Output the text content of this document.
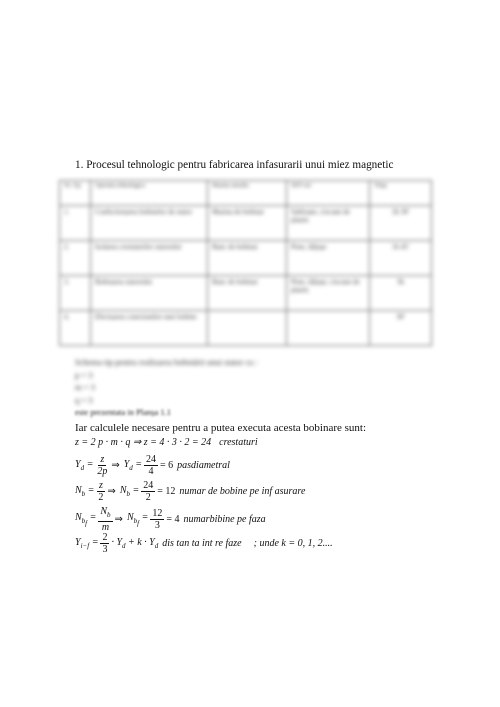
1. Procesul tehnologic pentru fabricarea infasurarii unui miez magnetic
Nr. Op.	Operatia tehnologica	Masina unealta	SDV-uri	Timp
1.	Confectionarea bobinelor de stator	Masina de bobinat	Sabloane, ciocane de plastic	2h 30'
2.	Izolarea crestaturilor statorului	Banc de bobinat	Pene, tăljuşe	1h 45'
3.	Bobinarea statorului	Banc de bobinat	Pene, tăljuşe, ciocane de plastic	3h
4.	Efectuarea conexiunilor unei bobine			30'
Schema tip pentru realizarea bobinării unui stator cu :
p = 3
m = 3
q = 3
este prezentata in Planșa 1.1
Iar calculele necesare pentru a putea executa acesta bobinare sunt:
z = 2 p · m · q ⇒ z = 4 · 3 · 2 = 24 crestaturi
$Y_d = \frac{z}{2p}$ ⇒ $Y_d = \frac{24}{4} = 6$ pasdiametral
$N_b = \frac{z}{2}$ ⇒ $N_b = \frac{24}{2} = 12$ numar de bobine pe inf asurare
$N_{b_f} = \frac{N_b}{m}$ ⇒ $N_{b_f} = \frac{12}{3} = 4$ numarbibine pe faza
$Y_{i-f} = \frac{2}{3} \cdot Y_d + k \cdot Y_d$ dis tan ta int re faze ; unde k = 0, 1, 2....
